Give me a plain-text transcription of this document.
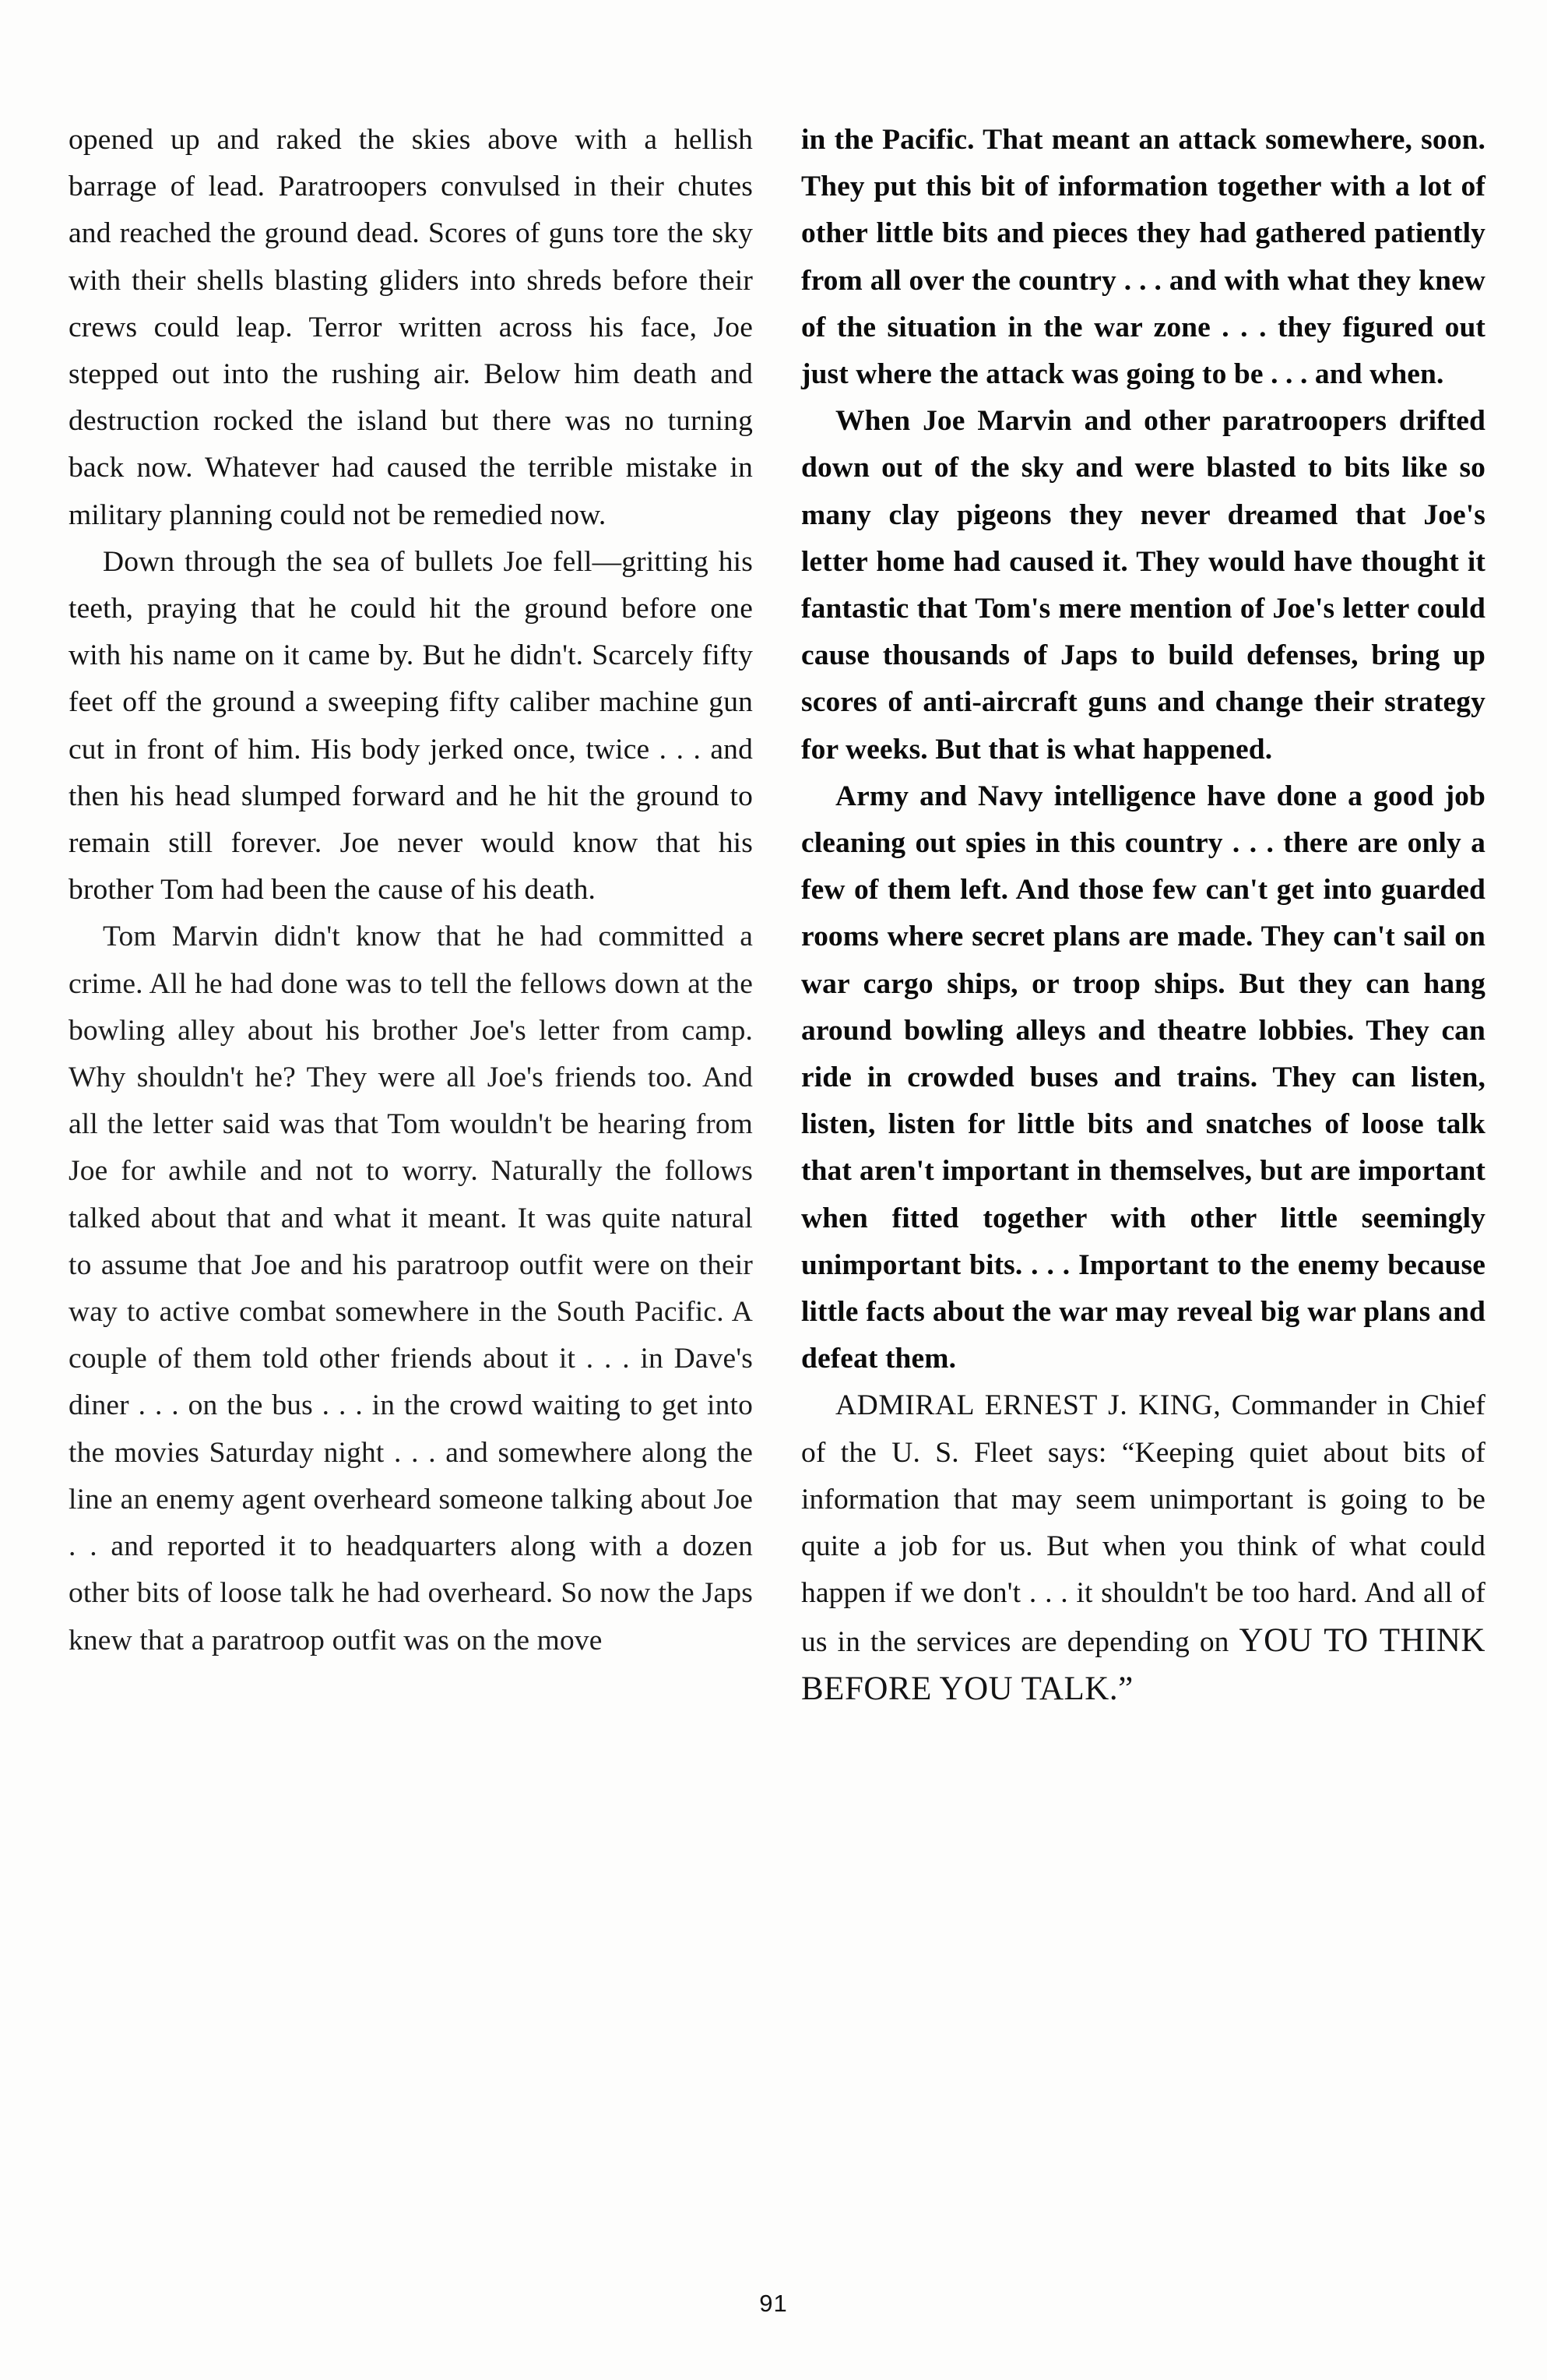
opened up and raked the skies above with a hellish barrage of lead. Paratroopers convulsed in their chutes and reached the ground dead. Scores of guns tore the sky with their shells blasting gliders into shreds before their crews could leap. Terror written across his face, Joe stepped out into the rushing air. Below him death and destruction rocked the island but there was no turning back now. Whatever had caused the terrible mistake in military planning could not be remedied now.

Down through the sea of bullets Joe fell—gritting his teeth, praying that he could hit the ground before one with his name on it came by. But he didn't. Scarcely fifty feet off the ground a sweeping fifty caliber machine gun cut in front of him. His body jerked once, twice . . . and then his head slumped forward and he hit the ground to remain still forever. Joe never would know that his brother Tom had been the cause of his death.

Tom Marvin didn't know that he had committed a crime. All he had done was to tell the fellows down at the bowling alley about his brother Joe's letter from camp. Why shouldn't he? They were all Joe's friends too. And all the letter said was that Tom wouldn't be hearing from Joe for awhile and not to worry. Naturally the follows talked about that and what it meant. It was quite natural to assume that Joe and his paratroop outfit were on their way to active combat somewhere in the South Pacific. A couple of them told other friends about it . . . in Dave's diner . . . on the bus . . . in the crowd waiting to get into the movies Saturday night . . . and somewhere along the line an enemy agent overheard someone talking about Joe . . and reported it to headquarters along with a dozen other bits of loose talk he had overheard. So now the Japs knew that a paratroop outfit was on the move

in the Pacific. That meant an attack somewhere, soon. They put this bit of information together with a lot of other little bits and pieces they had gathered patiently from all over the country . . . and with what they knew of the situation in the war zone . . . they figured out just where the attack was going to be . . . and when.

When Joe Marvin and other paratroopers drifted down out of the sky and were blasted to bits like so many clay pigeons they never dreamed that Joe's letter home had caused it. They would have thought it fantastic that Tom's mere mention of Joe's letter could cause thousands of Japs to build defenses, bring up scores of anti-aircraft guns and change their strategy for weeks. But that is what happened.

Army and Navy intelligence have done a good job cleaning out spies in this country . . . there are only a few of them left. And those few can't get into guarded rooms where secret plans are made. They can't sail on war cargo ships, or troop ships. But they can hang around bowling alleys and theatre lobbies. They can ride in crowded buses and trains. They can listen, listen, listen for little bits and snatches of loose talk that aren't important in themselves, but are important when fitted together with other little seemingly unimportant bits. . . . Important to the enemy because little facts about the war may reveal big war plans and defeat them.

ADMIRAL ERNEST J. KING, Commander in Chief of the U. S. Fleet says: “Keeping quiet about bits of information that may seem unimportant is going to be quite a job for us. But when you think of what could happen if we don't . . . it shouldn't be too hard. And all of us in the services are depending on YOU TO THINK BEFORE YOU TALK.”

91
